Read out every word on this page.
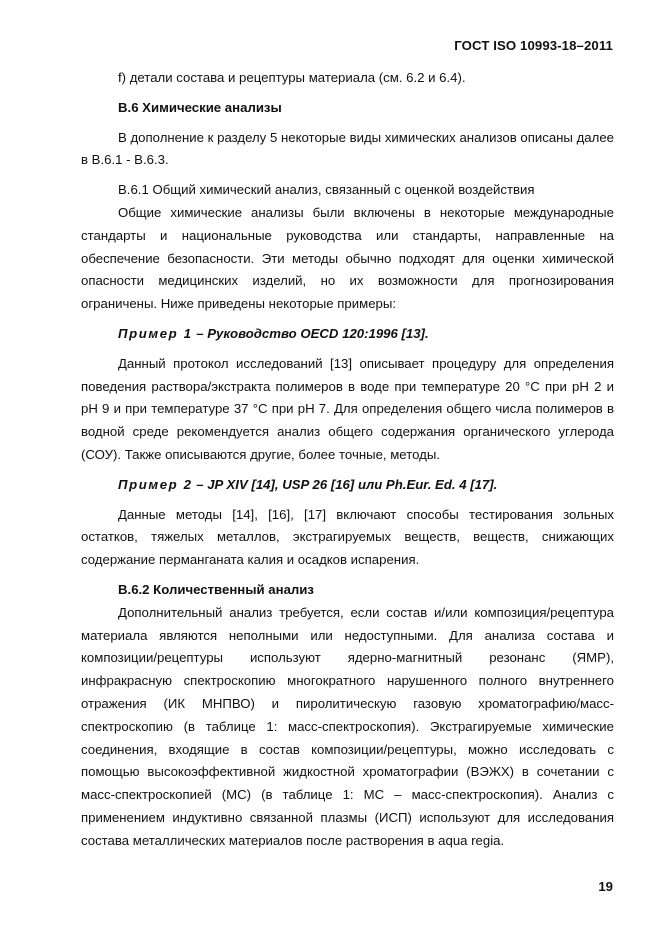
ГОСТ ISO 10993-18–2011

f) детали состава и рецептуры материала (см. 6.2 и 6.4).

В.6 Химические анализы

В дополнение к разделу 5 некоторые виды химических анализов описаны далее в В.6.1 - В.6.3.

В.6.1 Общий химический анализ, связанный с оценкой воздействия

Общие химические анализы были включены в некоторые международные стандарты и национальные руководства или стандарты, направленные на обеспечение безопасности. Эти методы обычно подходят для оценки химической опасности медицинских изделий, но их возможности для прогнозирования ограничены. Ниже приведены некоторые примеры:

Пример 1 – Руководство OECD 120:1996 [13].

Данный протокол исследований [13] описывает процедуру для определения поведения раствора/экстракта полимеров в воде при температуре 20 °С при рН 2 и рН 9 и при температуре 37 °С при рН 7. Для определения общего числа полимеров в водной среде рекомендуется анализ общего содержания органического углерода (СОУ). Также описываются другие, более точные, методы.

Пример 2 – JP XIV [14], USP 26 [16] или Ph.Eur. Ed. 4 [17].

Данные методы [14], [16], [17] включают способы тестирования зольных остатков, тяжелых металлов, экстрагируемых веществ, веществ, снижающих содержание перманганата калия и осадков испарения.

В.6.2 Количественный анализ

Дополнительный анализ требуется, если состав и/или композиция/рецептура материала являются неполными или недоступными. Для анализа состава и композиции/рецептуры используют ядерно-магнитный резонанс (ЯМР), инфракрасную спектроскопию многократного нарушенного полного внутреннего отражения (ИК МНПВО) и пиролитическую газовую хроматографию/масс-спектроскопию (в таблице 1: масс-спектроскопия). Экстрагируемые химические соединения, входящие в состав композиции/рецептуры, можно исследовать с помощью высокоэффективной жидкостной хроматографии (ВЭЖХ) в сочетании с масс-спектроскопией (МС) (в таблице 1: МС – масс-спектроскопия). Анализ с применением индуктивно связанной плазмы (ИСП) используют для исследования состава металлических материалов после растворения в aqua regia.

19
